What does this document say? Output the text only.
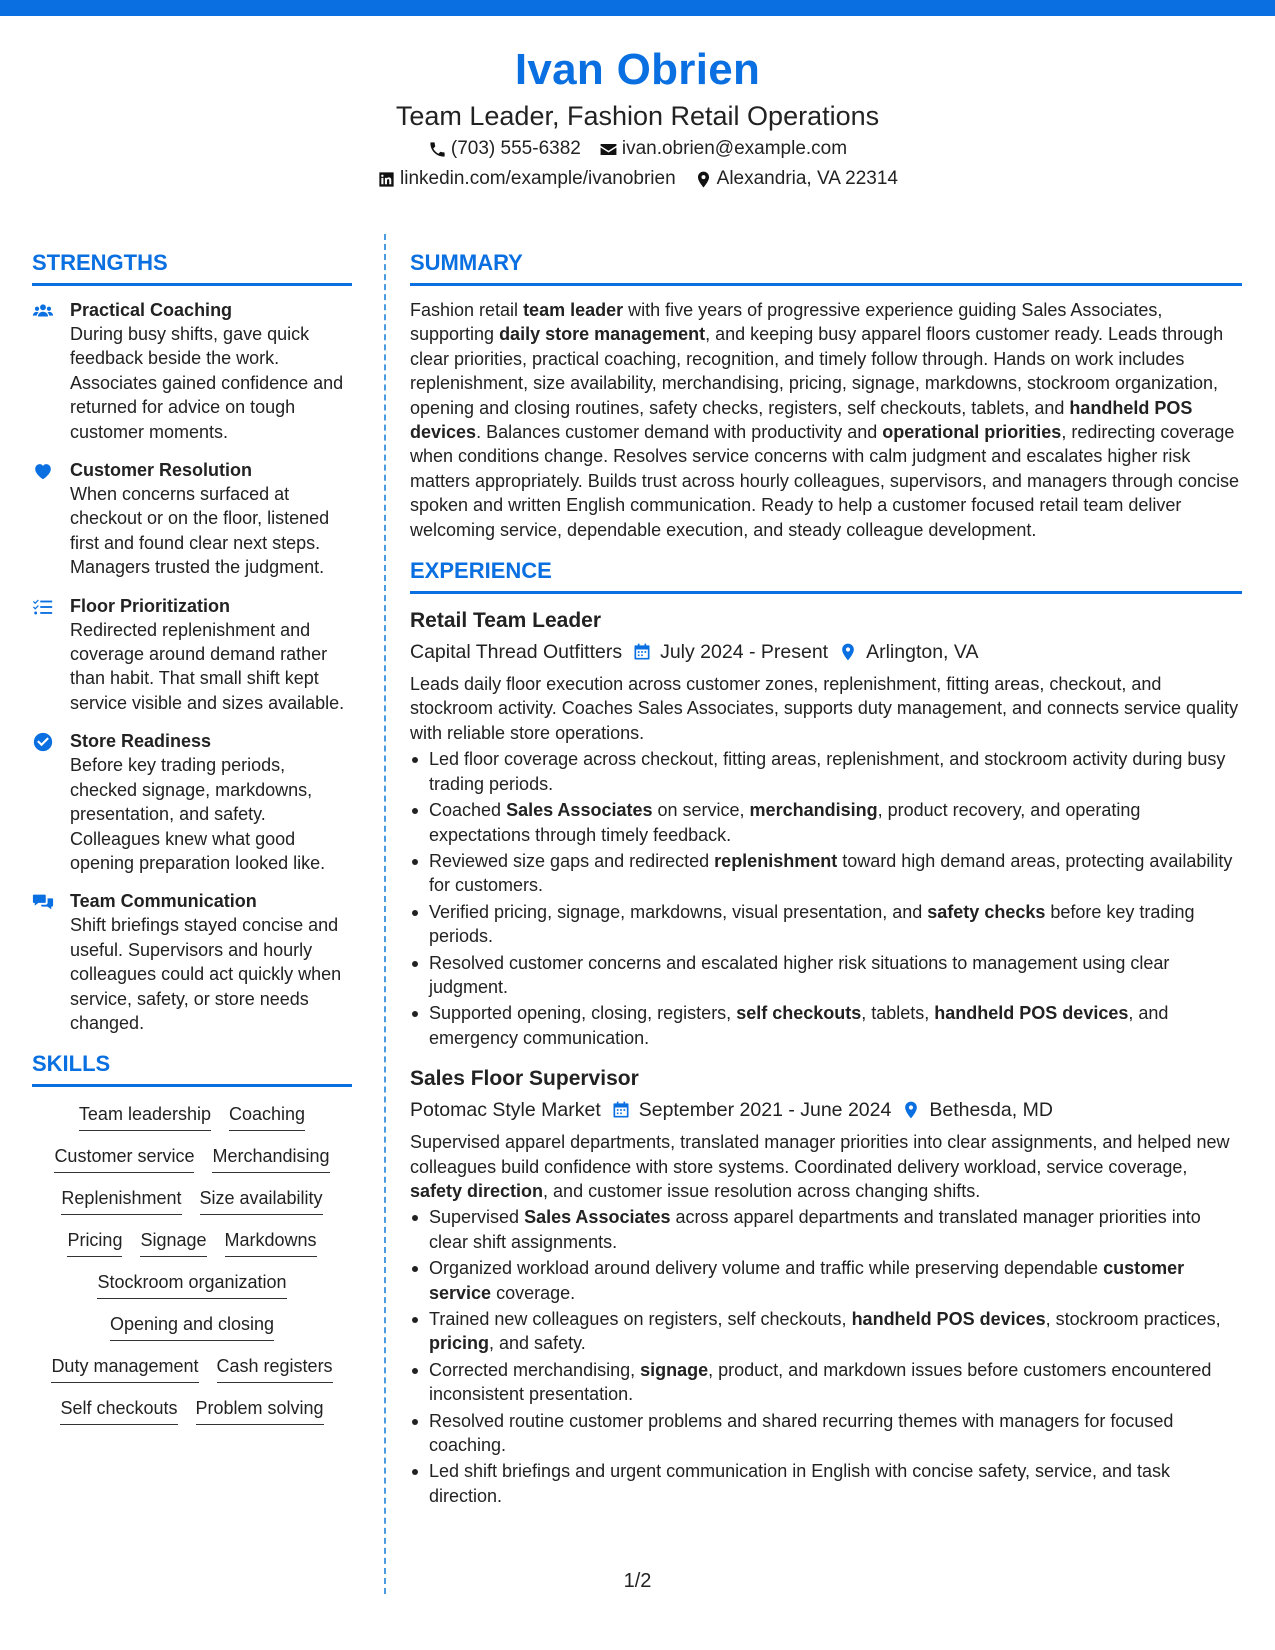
Ivan Obrien
Team Leader, Fashion Retail Operations
(703) 555-6382 ivan.obrien@example.com
linkedin.com/example/ivanobrien Alexandria, VA 22314
STRENGTHS
Practical Coaching
During busy shifts, gave quick feedback beside the work. Associates gained confidence and returned for advice on tough customer moments.
Customer Resolution
When concerns surfaced at checkout or on the floor, listened first and found clear next steps. Managers trusted the judgment.
Floor Prioritization
Redirected replenishment and coverage around demand rather than habit. That small shift kept service visible and sizes available.
Store Readiness
Before key trading periods, checked signage, markdowns, presentation, and safety. Colleagues knew what good opening preparation looked like.
Team Communication
Shift briefings stayed concise and useful. Supervisors and hourly colleagues could act quickly when service, safety, or store needs changed.
SKILLS
Team leadership Coaching
Customer service Merchandising
Replenishment Size availability
Pricing Signage Markdowns
Stockroom organization
Opening and closing
Duty management Cash registers
Self checkouts Problem solving
SUMMARY
Fashion retail team leader with five years of progressive experience guiding Sales Associates, supporting daily store management, and keeping busy apparel floors customer ready. Leads through clear priorities, practical coaching, recognition, and timely follow through. Hands on work includes replenishment, size availability, merchandising, pricing, signage, markdowns, stockroom organization, opening and closing routines, safety checks, registers, self checkouts, tablets, and handheld POS devices. Balances customer demand with productivity and operational priorities, redirecting coverage when conditions change. Resolves service concerns with calm judgment and escalates higher risk matters appropriately. Builds trust across hourly colleagues, supervisors, and managers through concise spoken and written English communication. Ready to help a customer focused retail team deliver welcoming service, dependable execution, and steady colleague development.
EXPERIENCE
Retail Team Leader
Capital Thread Outfitters July 2024 - Present Arlington, VA
Leads daily floor execution across customer zones, replenishment, fitting areas, checkout, and stockroom activity. Coaches Sales Associates, supports duty management, and connects service quality with reliable store operations.
Led floor coverage across checkout, fitting areas, replenishment, and stockroom activity during busy trading periods.
Coached Sales Associates on service, merchandising, product recovery, and operating expectations through timely feedback.
Reviewed size gaps and redirected replenishment toward high demand areas, protecting availability for customers.
Verified pricing, signage, markdowns, visual presentation, and safety checks before key trading periods.
Resolved customer concerns and escalated higher risk situations to management using clear judgment.
Supported opening, closing, registers, self checkouts, tablets, handheld POS devices, and emergency communication.
Sales Floor Supervisor
Potomac Style Market September 2021 - June 2024 Bethesda, MD
Supervised apparel departments, translated manager priorities into clear assignments, and helped new colleagues build confidence with store systems. Coordinated delivery workload, service coverage, safety direction, and customer issue resolution across changing shifts.
Supervised Sales Associates across apparel departments and translated manager priorities into clear shift assignments.
Organized workload around delivery volume and traffic while preserving dependable customer service coverage.
Trained new colleagues on registers, self checkouts, handheld POS devices, stockroom practices, pricing, and safety.
Corrected merchandising, signage, product, and markdown issues before customers encountered inconsistent presentation.
Resolved routine customer problems and shared recurring themes with managers for focused coaching.
Led shift briefings and urgent communication in English with concise safety, service, and task direction.
1/2
